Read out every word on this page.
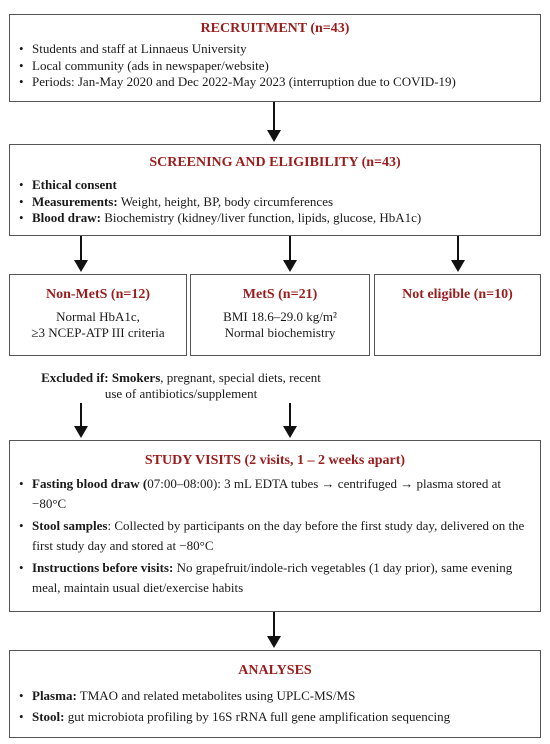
RECRUITMENT (n=43)
• Students and staff at Linnaeus University
• Local community (ads in newspaper/website)
• Periods: Jan-May 2020 and Dec 2022-May 2023 (interruption due to COVID-19)
SCREENING AND ELIGIBILITY (n=43)
• Ethical consent
• Measurements: Weight, height, BP, body circumferences
• Blood draw: Biochemistry (kidney/liver function, lipids, glucose, HbA1c)
Non-MetS (n=12)
Normal HbA1c,
≥3 NCEP-ATP III criteria
MetS (n=21)
BMI 18.6–29.0 kg/m²
Normal biochemistry
Not eligible (n=10)
Excluded if: Smokers, pregnant, special diets, recent
use of antibiotics/supplement
STUDY VISITS (2 visits, 1 – 2 weeks apart)
• Fasting blood draw (07:00–08:00): 3 mL EDTA tubes → centrifuged → plasma stored at −80°C
• Stool samples: Collected by participants on the day before the first study day, delivered on the first study day and stored at −80°C
• Instructions before visits: No grapefruit/indole-rich vegetables (1 day prior), same evening meal, maintain usual diet/exercise habits
ANALYSES
• Plasma: TMAO and related metabolites using UPLC-MS/MS
• Stool: gut microbiota profiling by 16S rRNA full gene amplification sequencing
